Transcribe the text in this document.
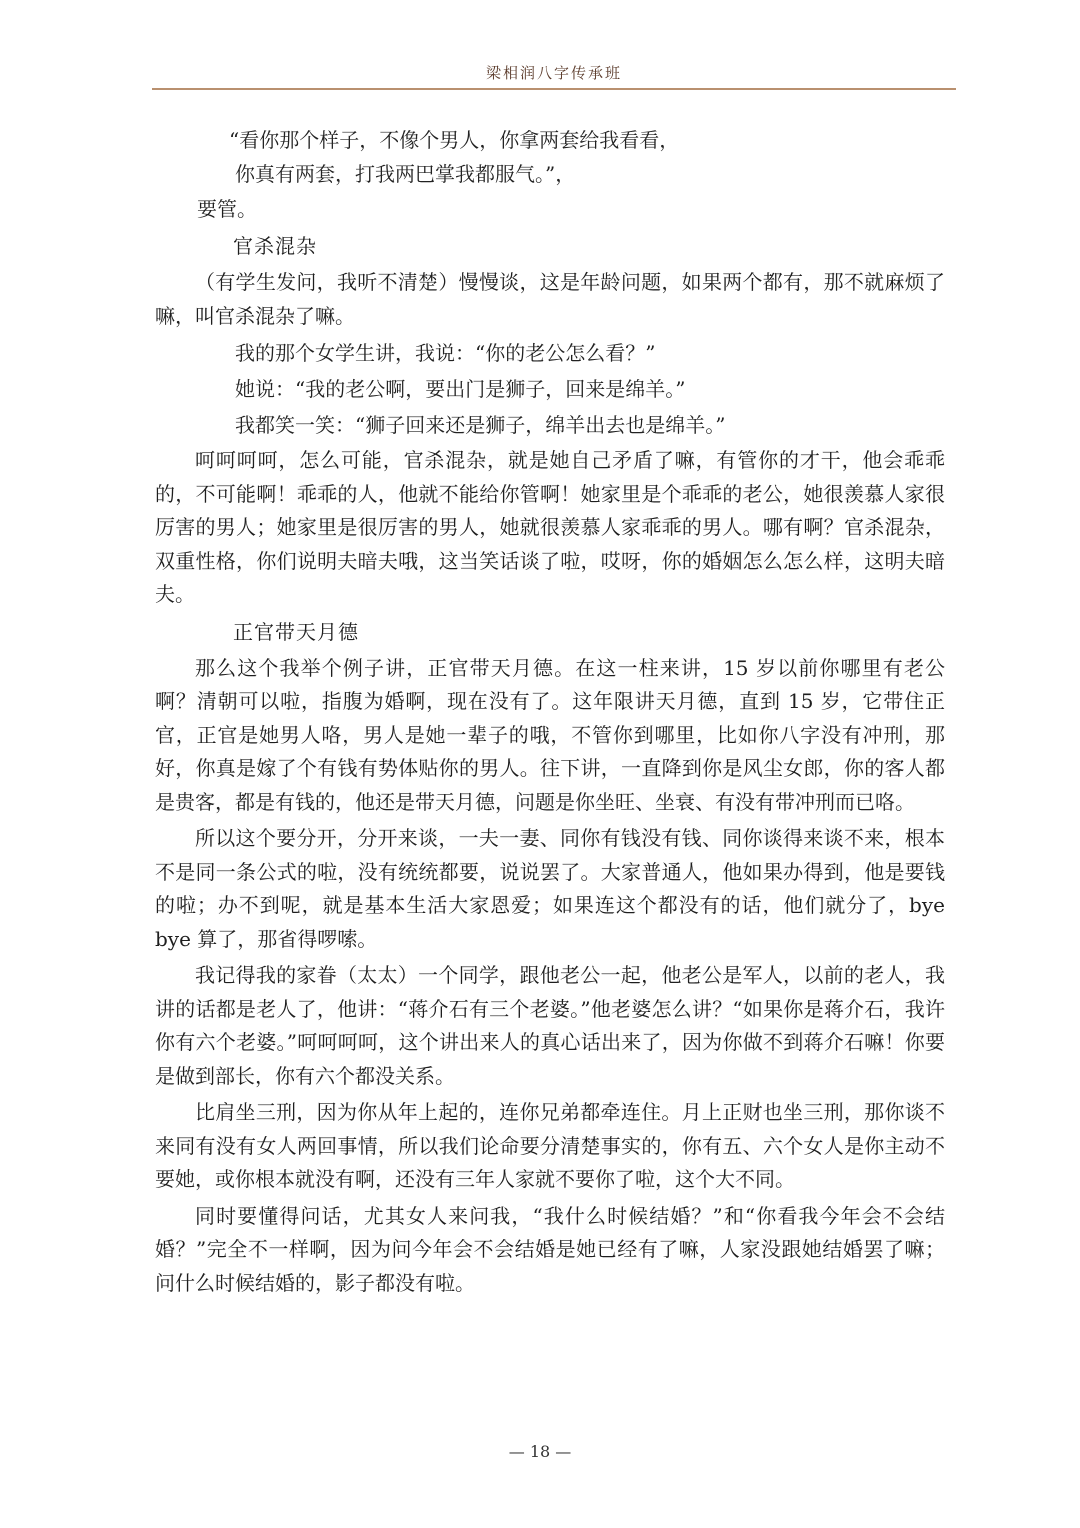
梁相润八字传承班

“看你那个样子，不像个男人，你拿两套给我看看，

你真有两套，打我两巴掌我都服气。”，

要管。

官杀混杂

（有学生发问，我听不清楚）慢慢谈，这是年龄问题，如果两个都有，那不就麻烦了嘛，叫官杀混杂了嘛。

我的那个女学生讲，我说：“你的老公怎么看？”

她说：“我的老公啊，要出门是狮子，回来是绵羊。”

我都笑一笑：“狮子回来还是狮子，绵羊出去也是绵羊。”

呵呵呵呵，怎么可能，官杀混杂，就是她自己矛盾了嘛，有管你的才干，他会乖乖的，不可能啊！乖乖的人，他就不能给你管啊！她家里是个乖乖的老公，她很羡慕人家很厉害的男人；她家里是很厉害的男人，她就很羡慕人家乖乖的男人。哪有啊？官杀混杂，双重性格，你们说明夫暗夫哦，这当笑话谈了啦，哎呀，你的婚姻怎么怎么样，这明夫暗夫。

正官带天月德

那么这个我举个例子讲，正官带天月德。在这一柱来讲，15 岁以前你哪里有老公啊？清朝可以啦，指腹为婚啊，现在没有了。这年限讲天月德，直到 15 岁，它带住正官，正官是她男人咯，男人是她一辈子的哦，不管你到哪里，比如你八字没有冲刑，那好，你真是嫁了个有钱有势体贴你的男人。往下讲，一直降到你是风尘女郎，你的客人都是贵客，都是有钱的，他还是带天月德，问题是你坐旺、坐衰、有没有带冲刑而已咯。

所以这个要分开，分开来谈，一夫一妻、同你有钱没有钱、同你谈得来谈不来，根本不是同一条公式的啦，没有统统都要，说说罢了。大家普通人，他如果办得到，他是要钱的啦；办不到呢，就是基本生活大家恩爱；如果连这个都没有的话，他们就分了，bye bye 算了，那省得啰嗦。

我记得我的家眷（太太）一个同学，跟他老公一起，他老公是军人，以前的老人，我讲的话都是老人了，他讲：“蒋介石有三个老婆。”他老婆怎么讲？“如果你是蒋介石，我许你有六个老婆。”呵呵呵呵，这个讲出来人的真心话出来了，因为你做不到蒋介石嘛！你要是做到部长，你有六个都没关系。

比肩坐三刑，因为你从年上起的，连你兄弟都牵连住。月上正财也坐三刑，那你谈不来同有没有女人两回事情，所以我们论命要分清楚事实的，你有五、六个女人是你主动不要她，或你根本就没有啊，还没有三年人家就不要你了啦，这个大不同。

同时要懂得问话，尤其女人来问我，“我什么时候结婚？”和“你看我今年会不会结婚？”完全不一样啊，因为问今年会不会结婚是她已经有了嘛，人家没跟她结婚罢了嘛；问什么时候结婚的，影子都没有啦。

— 18 —
